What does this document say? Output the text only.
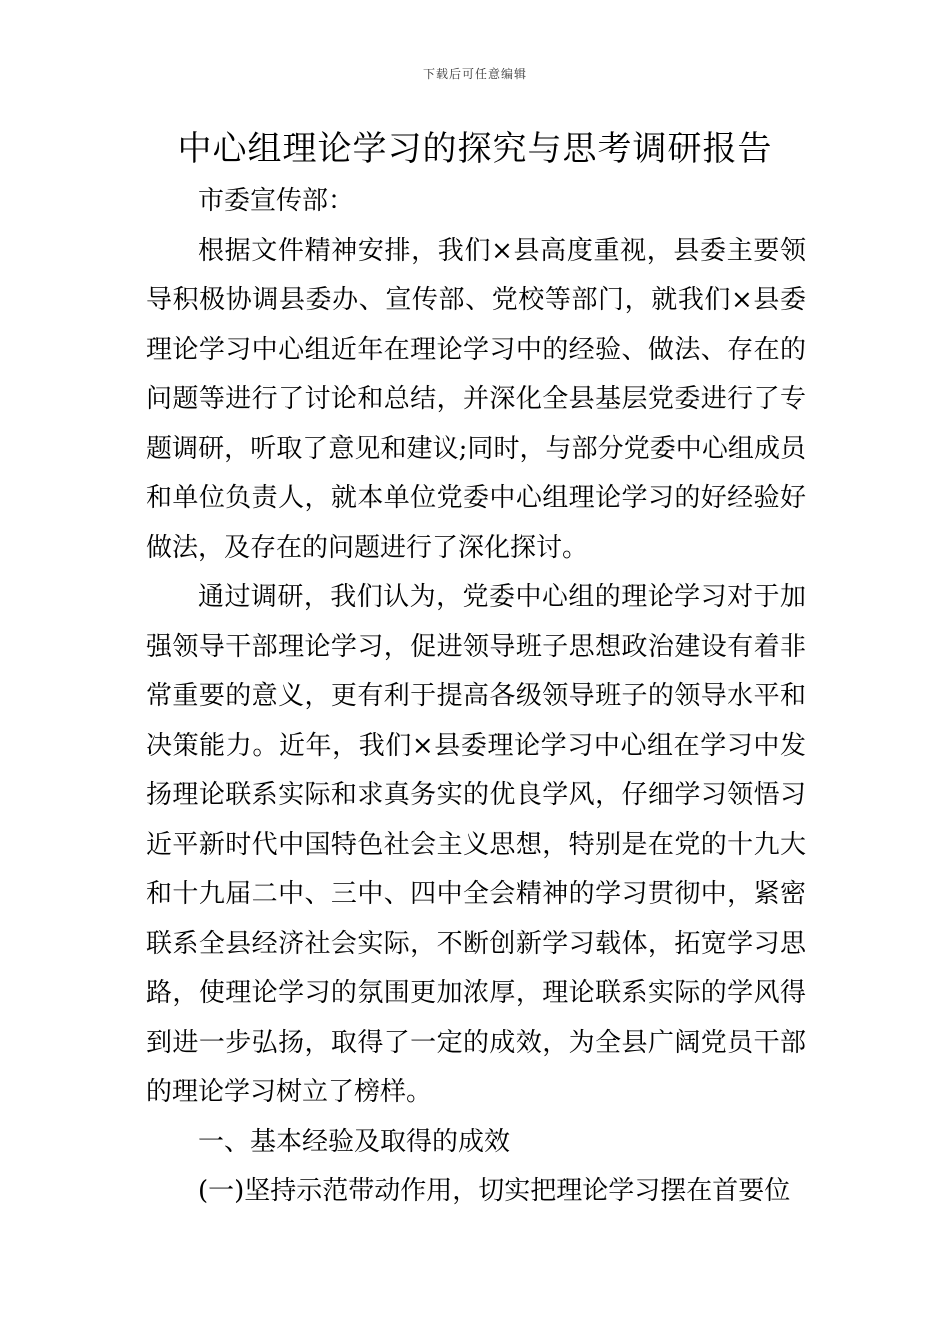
下载后可任意编辑
中心组理论学习的探究与思考调研报告

市委宣传部：

根据文件精神安排，我们×县高度重视，县委主要领导积极协调县委办、宣传部、党校等部门，就我们×县委理论学习中心组近年在理论学习中的经验、做法、存在的问题等进行了讨论和总结，并深化全县基层党委进行了专题调研，听取了意见和建议;同时，与部分党委中心组成员和单位负责人，就本单位党委中心组理论学习的好经验好做法，及存在的问题进行了深化探讨。

通过调研，我们认为，党委中心组的理论学习对于加强领导干部理论学习，促进领导班子思想政治建设有着非常重要的意义，更有利于提高各级领导班子的领导水平和决策能力。近年，我们×县委理论学习中心组在学习中发扬理论联系实际和求真务实的优良学风，仔细学习领悟习近平新时代中国特色社会主义思想，特别是在党的十九大和十九届二中、三中、四中全会精神的学习贯彻中，紧密联系全县经济社会实际，不断创新学习载体，拓宽学习思路，使理论学习的氛围更加浓厚，理论联系实际的学风得到进一步弘扬，取得了一定的成效，为全县广阔党员干部的理论学习树立了榜样。

一、基本经验及取得的成效

(一)坚持示范带动作用，切实把理论学习摆在首要位
